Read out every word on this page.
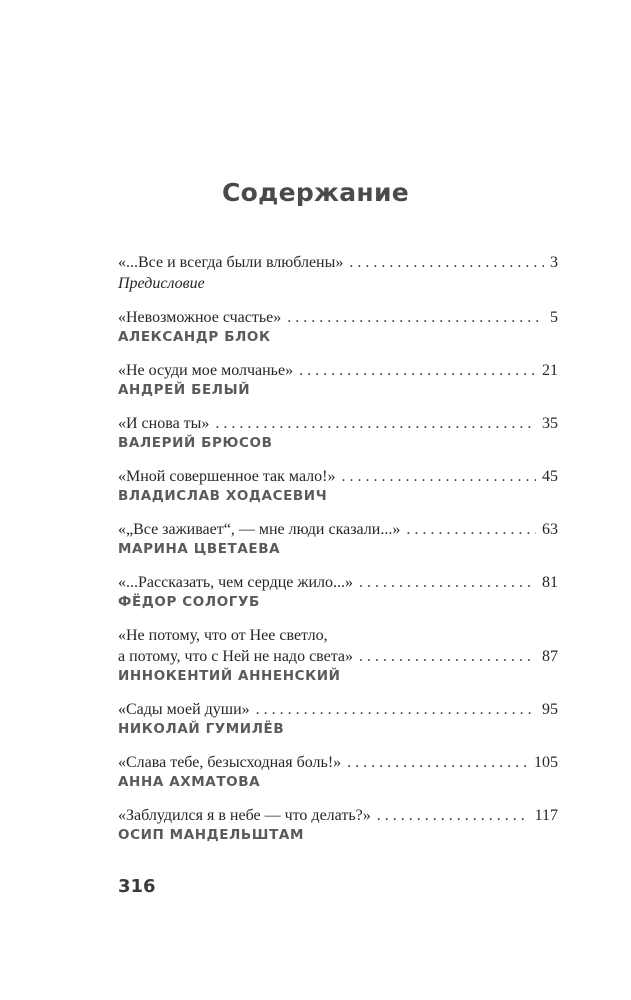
Содержание
«...Все и всегда были влюблены» . . .	3
Предисловие
«Невозможное счастье» . . .	5
АЛЕКСАНДР БЛОК
«Не осуди мое молчанье» . . .	21
АНДРЕЙ БЕЛЫЙ
«И снова ты» . . .	35
ВАЛЕРИЙ БРЮСОВ
«Мной совершенное так мало!» . . .	45
ВЛАДИСЛАВ ХОДАСЕВИЧ
«„Все заживает“, — мне люди сказали...» . . .	63
МАРИНА ЦВЕТАЕВА
«...Рассказать, чем сердце жило...» . . .	81
ФЁДОР СОЛОГУБ
«Не потому, что от Нее светло,
а потому, что с Ней не надо света» . . .	87
ИННОКЕНТИЙ АННЕНСКИЙ
«Сады моей души» . . .	95
НИКОЛАЙ ГУМИЛЁВ
«Слава тебе, безысходная боль!» . . .	105
АННА АХМАТОВА
«Заблудился я в небе — что делать?» . . .	117
ОСИП МАНДЕЛЬШТАМ
316
